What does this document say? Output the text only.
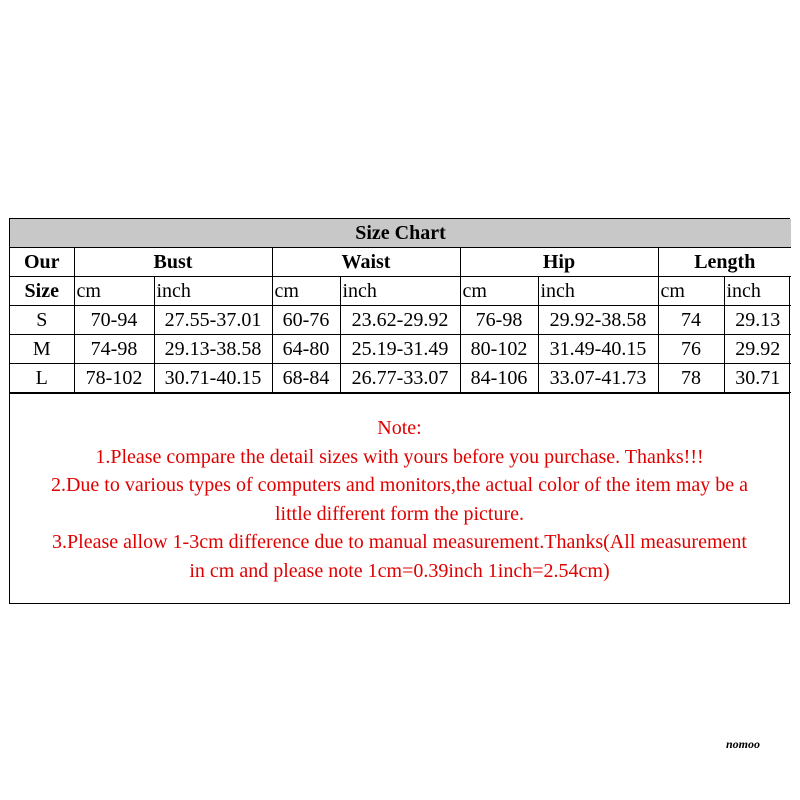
Size Chart								
Our	Bust		Waist		Hip		Length	
Size	cm	inch	cm	inch	cm	inch	cm	inch
S	70-94	27.55-37.01	60-76	23.62-29.92	76-98	29.92-38.58	74	29.13
M	74-98	29.13-38.58	64-80	25.19-31.49	80-102	31.49-40.15	76	29.92
L	78-102	30.71-40.15	68-84	26.77-33.07	84-106	33.07-41.73	78	30.71
Note:
1.Please compare the detail sizes with yours before you purchase. Thanks!!!
2.Due to various types of computers and monitors,the actual color of the item may be a
little different form the picture.
3.Please allow 1-3cm difference due to manual measurement.Thanks(All measurement
in cm and please note 1cm=0.39inch 1inch=2.54cm)
nomoo
